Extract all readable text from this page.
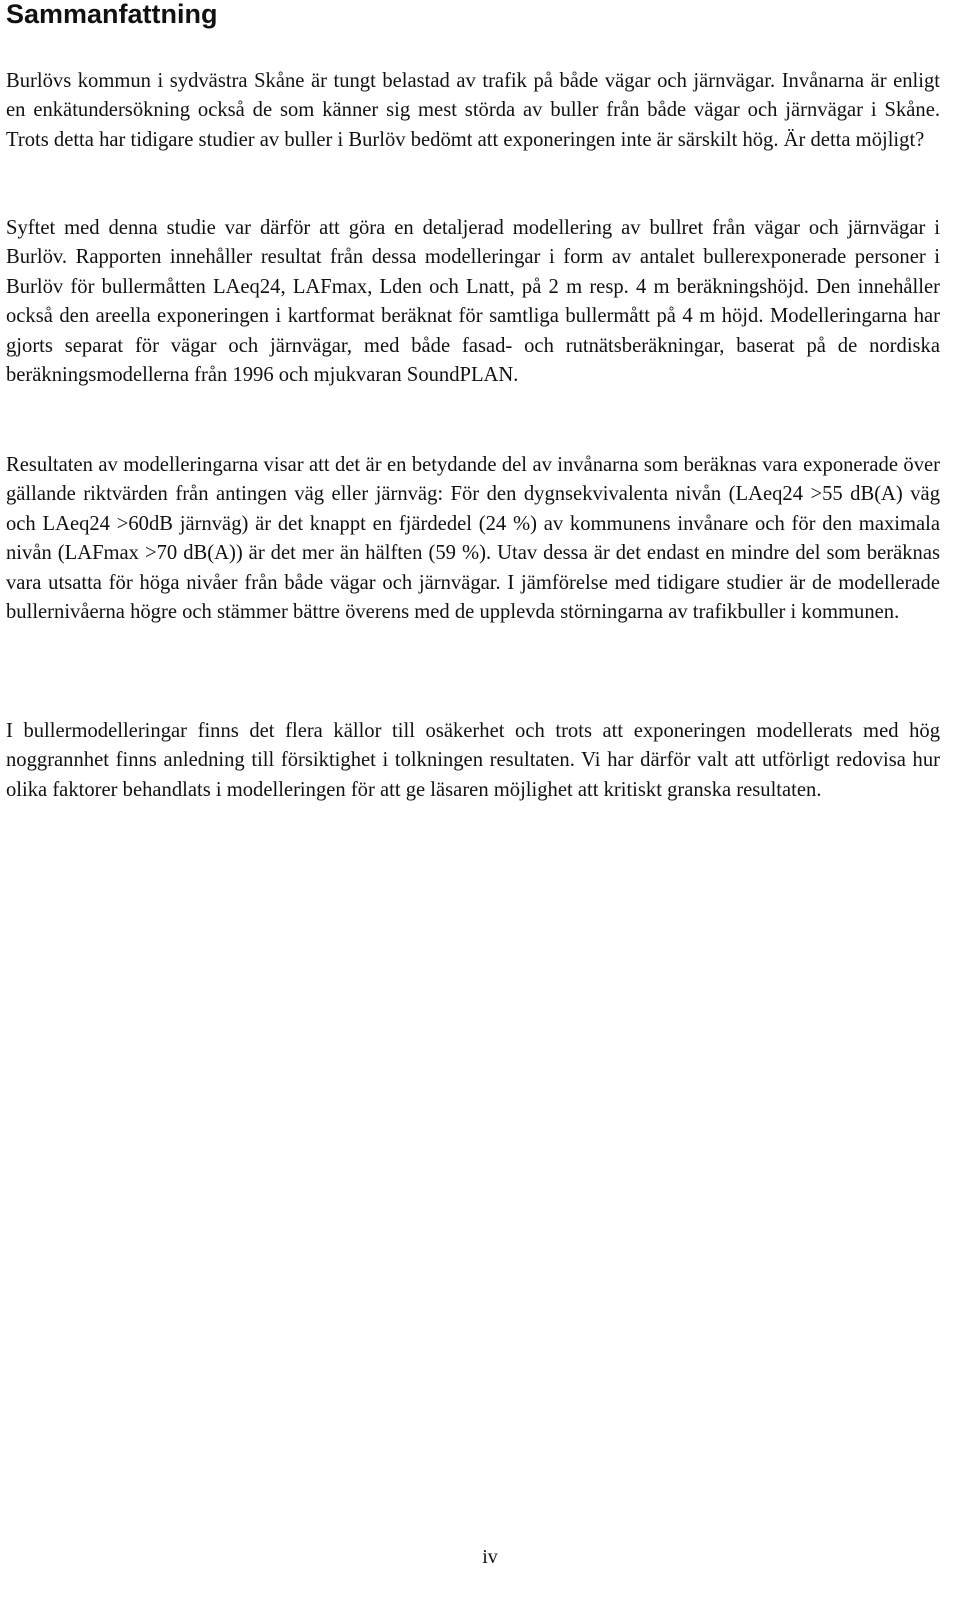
Sammanfattning

Burlövs kommun i sydvästra Skåne är tungt belastad av trafik på både vägar och järnvägar. Invånarna är enligt en enkätundersökning också de som känner sig mest störda av buller från både vägar och järnvägar i Skåne. Trots detta har tidigare studier av buller i Burlöv bedömt att exponeringen inte är särskilt hög. Är detta möjligt?

Syftet med denna studie var därför att göra en detaljerad modellering av bullret från vägar och järnvägar i Burlöv. Rapporten innehåller resultat från dessa modelleringar i form av antalet bullerexponerade personer i Burlöv för bullermåtten LAeq24, LAFmax, Lden och Lnatt, på 2 m resp. 4 m beräkningshöjd. Den innehåller också den areella exponeringen i kartformat beräknat för samtliga bullermått på 4 m höjd. Modelleringarna har gjorts separat för vägar och järnvägar, med både fasad- och rutnätsberäkningar, baserat på de nordiska beräkningsmodellerna från 1996 och mjukvaran SoundPLAN.

Resultaten av modelleringarna visar att det är en betydande del av invånarna som beräknas vara exponerade över gällande riktvärden från antingen väg eller järnväg: För den dygnsekvivalenta nivån (LAeq24 >55 dB(A) väg och LAeq24 >60dB järnväg) är det knappt en fjärdedel (24 %) av kommunens invånare och för den maximala nivån (LAFmax >70 dB(A)) är det mer än hälften (59 %). Utav dessa är det endast en mindre del som beräknas vara utsatta för höga nivåer från både vägar och järnvägar. I jämförelse med tidigare studier är de modellerade bullernivåerna högre och stämmer bättre överens med de upplevda störningarna av trafikbuller i kommunen.

I bullermodelleringar finns det flera källor till osäkerhet och trots att exponeringen modellerats med hög noggrannhet finns anledning till försiktighet i tolkningen resultaten. Vi har därför valt att utförligt redovisa hur olika faktorer behandlats i modelleringen för att ge läsaren möjlighet att kritiskt granska resultaten.

iv
